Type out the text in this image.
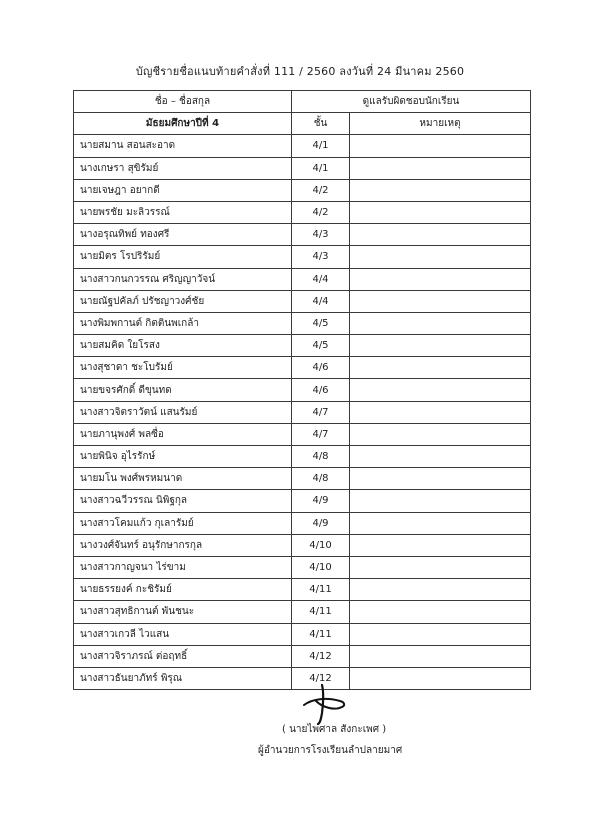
บัญชีรายชื่อแนบท้ายคำสั่งที่ 111 / 2560 ลงวันที่ 24 มีนาคม 2560
ชื่อ – ชื่อสกุล	ดูแลรับผิดชอบนักเรียน	
มัธยมศึกษาปีที่ 4	ชั้น	หมายเหตุ
นายสมาน สอนสะอาด	4/1	
นางเกษรา สุขิรัมย์	4/1	
นายเจษฎา อยากดี	4/2	
นายพรชัย มะลิวรรณ์	4/2	
นางอรุณทิพย์ ทองศรี	4/3	
นายมิตร โรปริรัมย์	4/3	
นางสาวกนกวรรณ ศริญญาวัจน์	4/4	
นายณัฐปคัลภ์ ปรัชญาวงศ์ชัย	4/4	
นางพิมพกานต์ กิตตินพเกล้า	4/5	
นายสมคิด ใยโรสง	4/5	
นางสุชาดา ชะโบรัมย์	4/6	
นายขจรศักดิ์ ดีขุนทด	4/6	
นางสาวจิตราวัตน์ แสนรัมย์	4/7	
นายภานุพงศ์ พลซื่อ	4/7	
นายพินิจ อุไรรักษ์	4/8	
นายมโน พงศ์พรหมนาด	4/8	
นางสาวฉวีวรรณ นิพิฐกุล	4/9	
นางสาวโคมแก้ว กุเลารัมย์	4/9	
นางวงศ์จันทร์ อนุรักษากรกุล	4/10	
นางสาวกาญจนา ไร่ขาม	4/10	
นายธรรยงค์ กะชิรัมย์	4/11	
นางสาวสุทธิกานต์ พันชนะ	4/11	
นางสาวเกวลี ไวแสน	4/11	
นางสาวจิราภรณ์ ต่อฤทธิ์	4/12	
นางสาวธันยาภัทร์ พิรุณ	4/12	
( นายไพศาล สังกะเพศ )
ผู้อำนวยการโรงเรียนลำปลายมาศ
